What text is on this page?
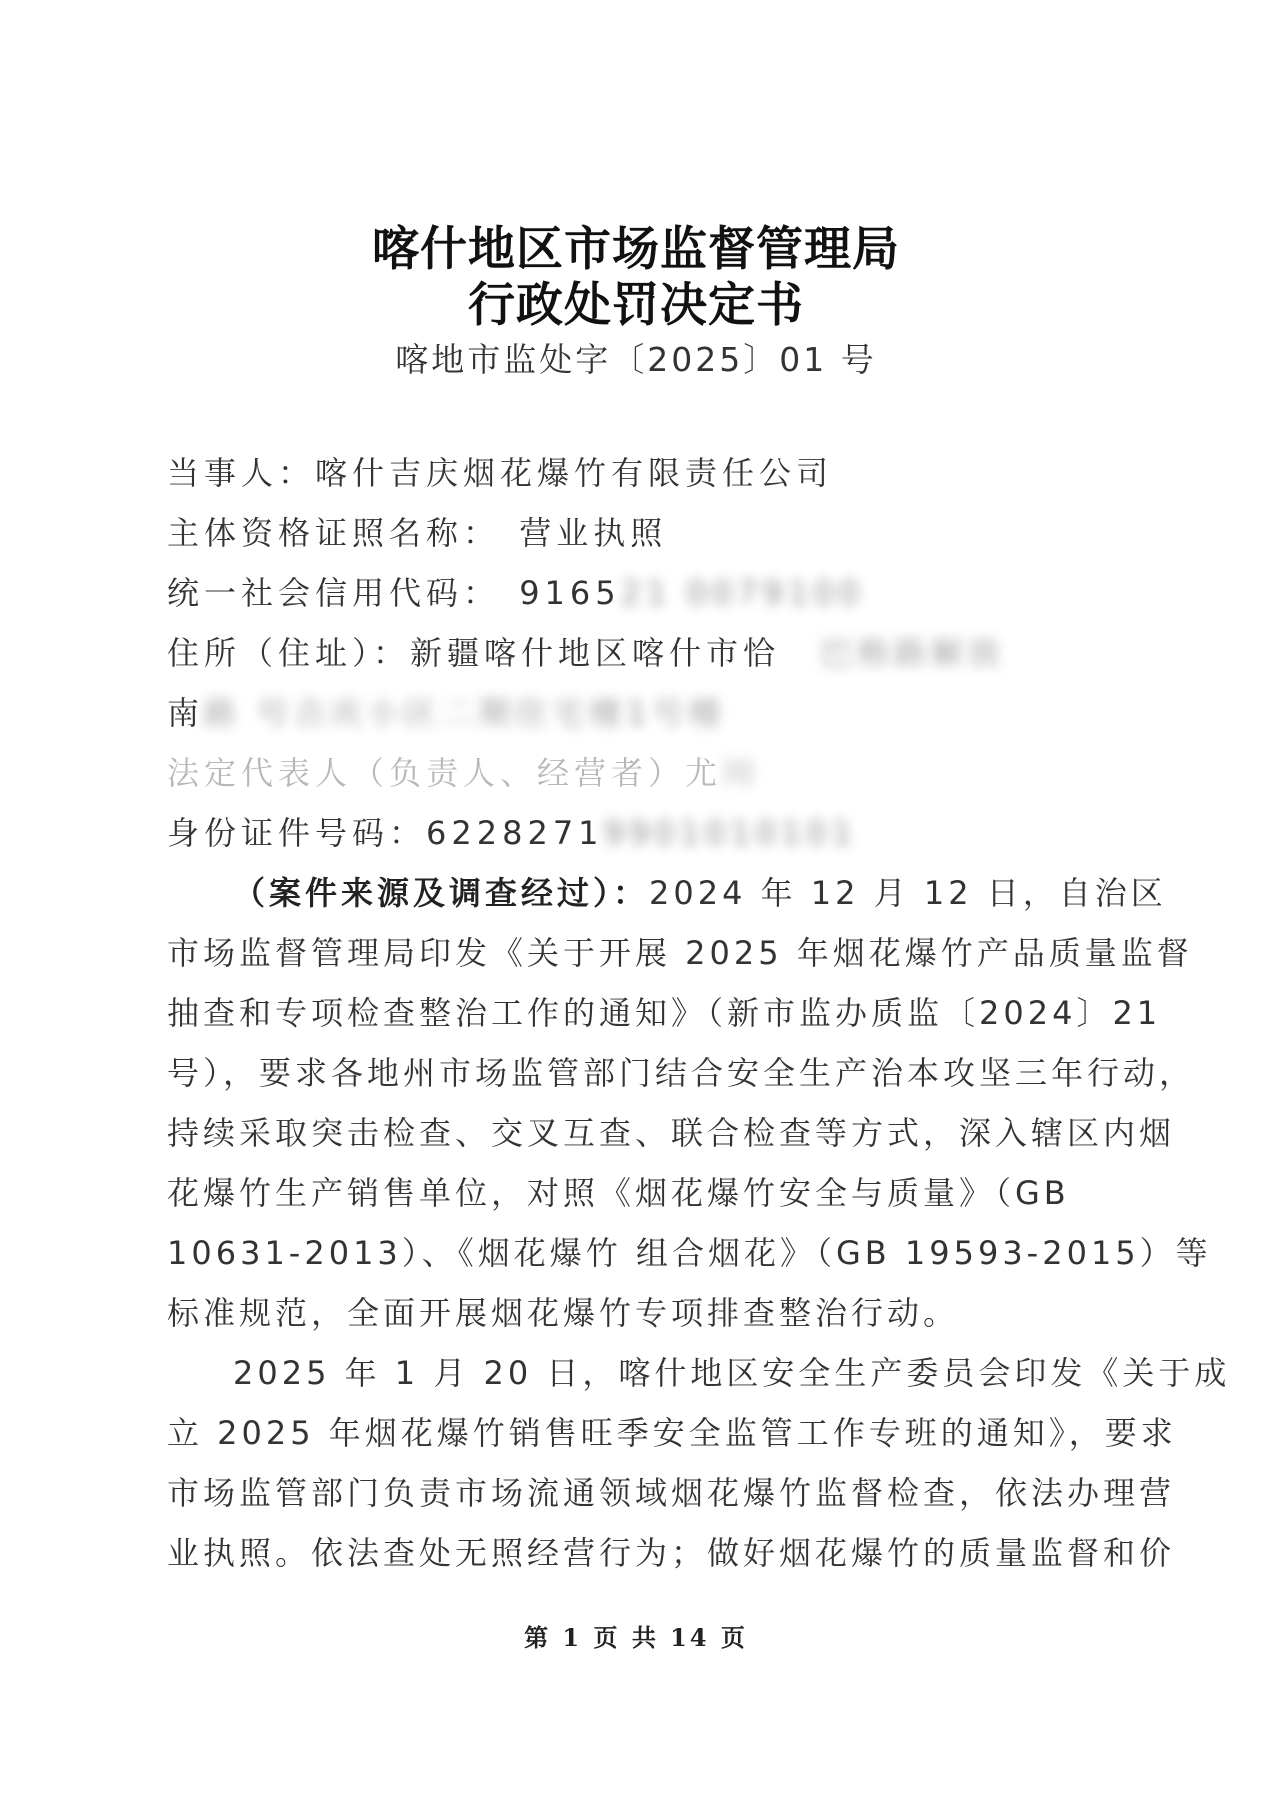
喀什地区市场监督管理局
行政处罚决定书
喀地市监处字〔2025〕01 号
当事人：喀什吉庆烟花爆竹有限责任公司
主体资格证照名称： 营业执照
统一社会信用代码： 916521 0079100
住所（住址）：新疆喀什地区喀什市恰 巴格路解放
南路 号吉庆小区二期住宅楼1号楼
法定代表人（负责人、经营者）尤川
身份证件号码：62282719901010101
（案件来源及调查经过）：2024 年 12 月 12 日，自治区
市场监督管理局印发《关于开展 2025 年烟花爆竹产品质量监督
抽查和专项检查整治工作的通知》（新市监办质监〔2024〕21
号），要求各地州市场监管部门结合安全生产治本攻坚三年行动，
持续采取突击检查、交叉互查、联合检查等方式，深入辖区内烟
花爆竹生产销售单位，对照《烟花爆竹安全与质量》（GB
10631-2013）、《烟花爆竹 组合烟花》（GB 19593-2015）等
标准规范，全面开展烟花爆竹专项排查整治行动。
2025 年 1 月 20 日，喀什地区安全生产委员会印发《关于成
立 2025 年烟花爆竹销售旺季安全监管工作专班的通知》，要求
市场监管部门负责市场流通领域烟花爆竹监督检查，依法办理营
业执照。依法查处无照经营行为；做好烟花爆竹的质量监督和价
第 1 页 共 14 页
